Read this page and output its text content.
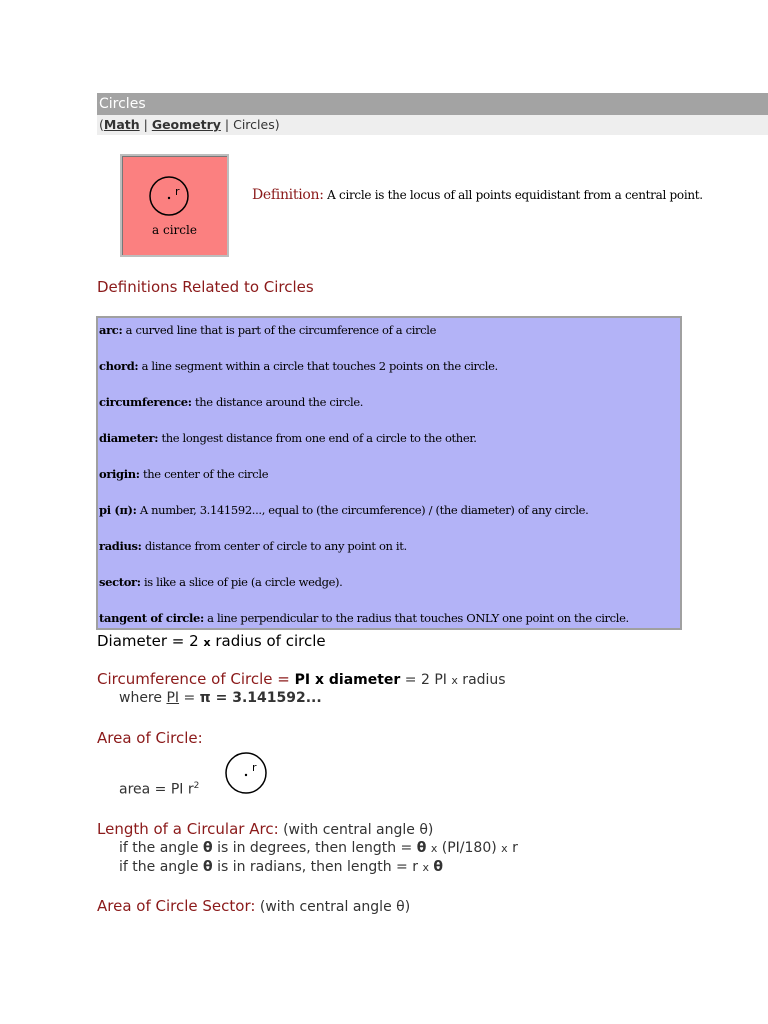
Circles
(Math | Geometry | Circles)
r
a circle
Definition: A circle is the locus of all points equidistant from a central point.
Definitions Related to Circles
arc: a curved line that is part of the circumference of a circle
chord: a line segment within a circle that touches 2 points on the circle.
circumference: the distance around the circle.
diameter: the longest distance from one end of a circle to the other.
origin: the center of the circle
pi (π): A number, 3.141592..., equal to (the circumference) / (the diameter) of any circle.
radius: distance from center of circle to any point on it.
sector: is like a slice of pie (a circle wedge).
tangent of circle: a line perpendicular to the radius that touches ONLY one point on the circle.
Diameter = 2 x radius of circle
Circumference of Circle = PI x diameter = 2 PI x radius
where PI = π = 3.141592...
Area of Circle:
area = PI $r^2$
r
Length of a Circular Arc: (with central angle θ)
if the angle θ is in degrees, then length = θ x (PI/180) x r
if the angle θ is in radians, then length = r x θ
Area of Circle Sector: (with central angle θ)
